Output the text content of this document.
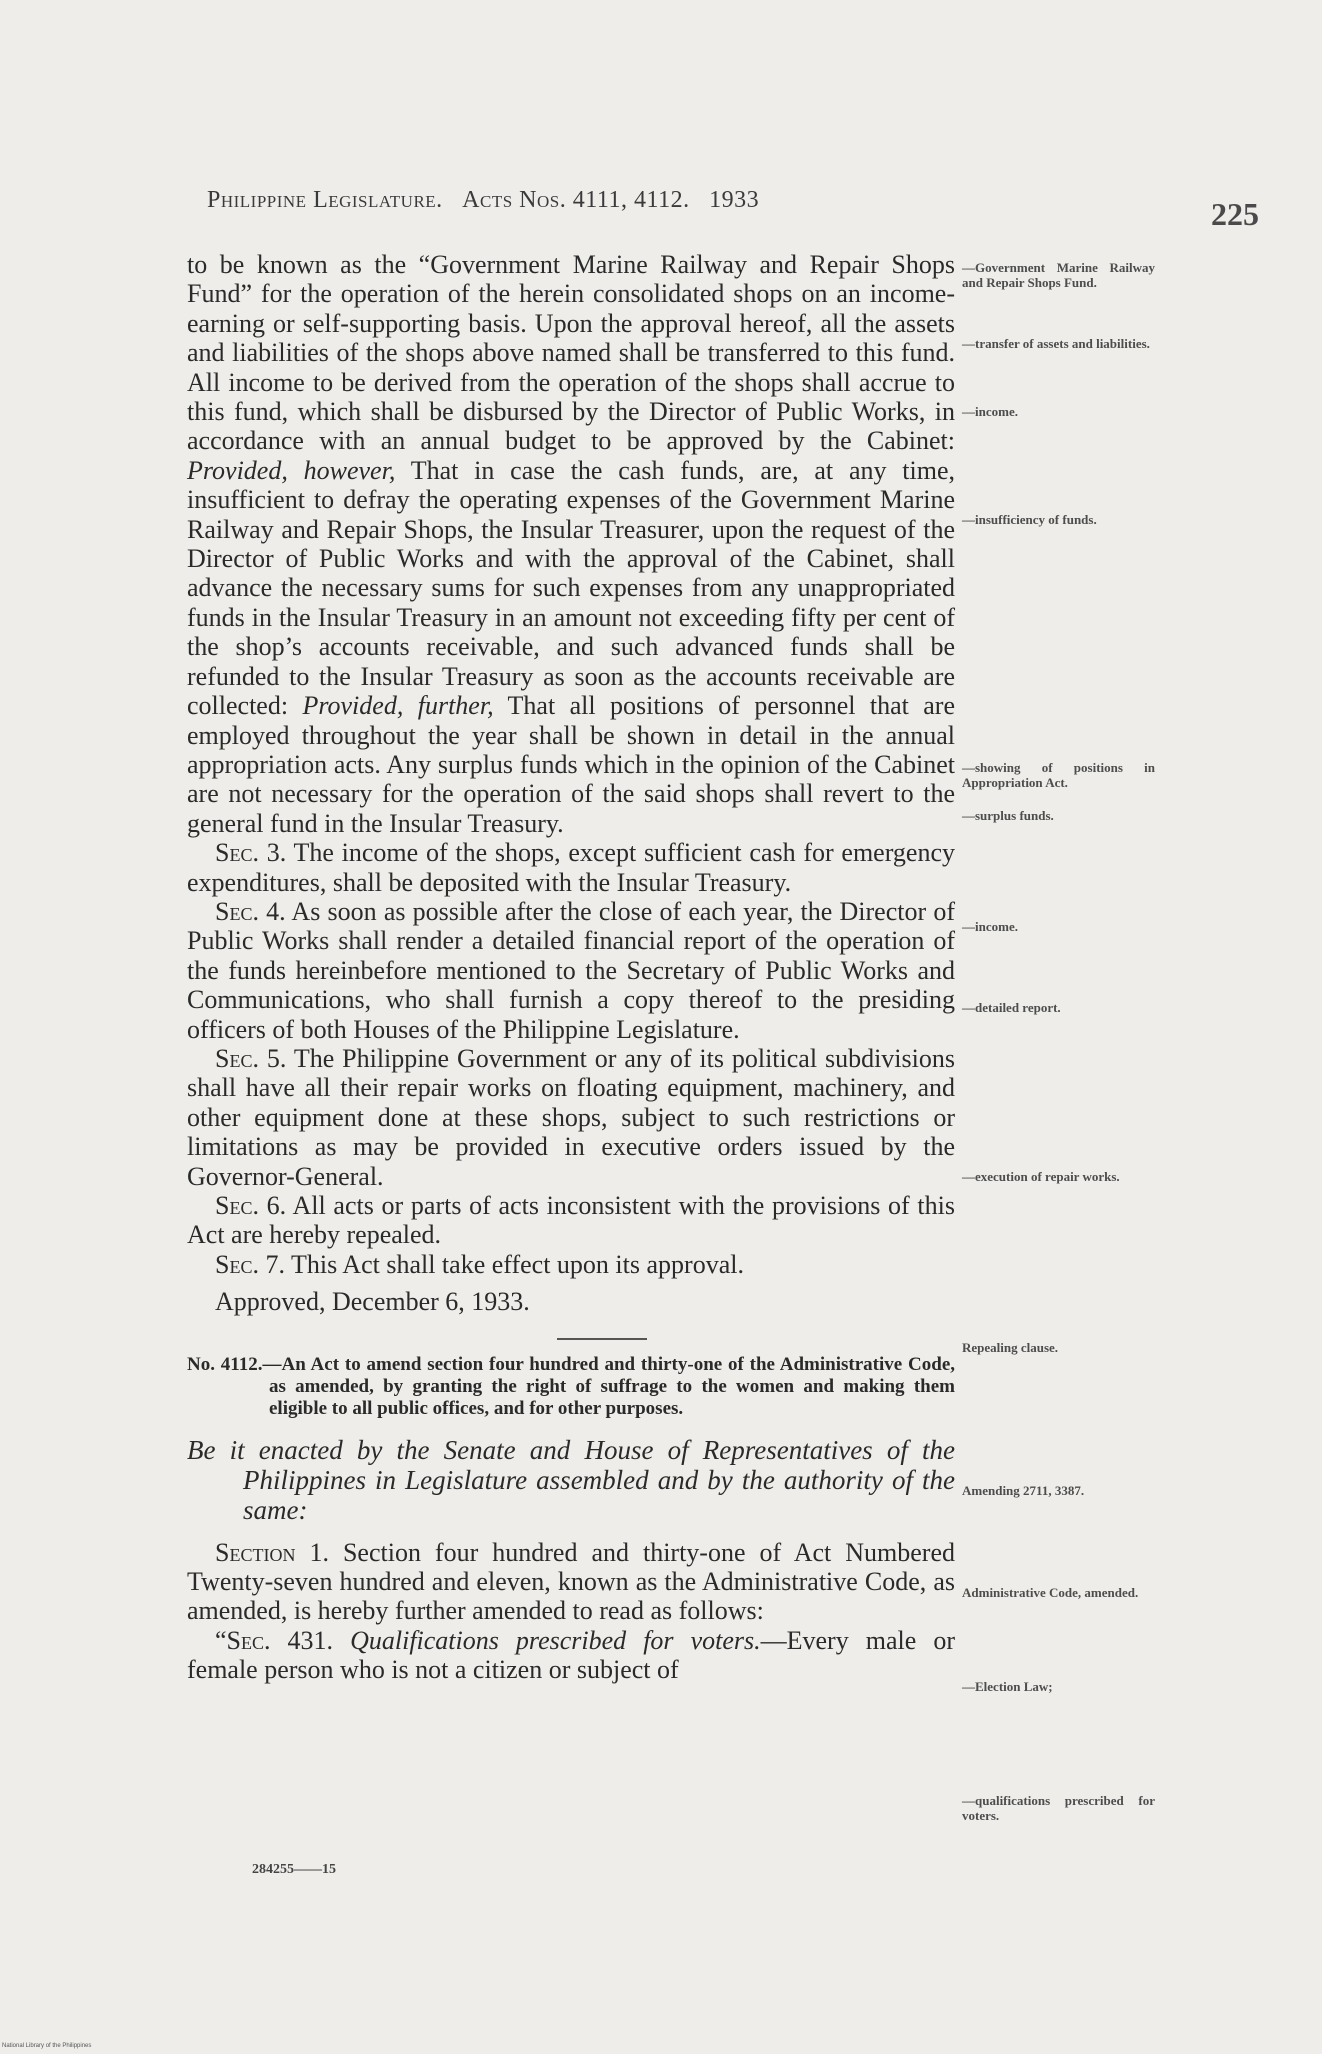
Philippine Legislature. Acts Nos. 4111, 4112. 1933	225

to be known as the “Government Marine Railway and Repair Shops Fund” for the operation of the herein consolidated shops on an income-earning or self-supporting basis. Upon the approval hereof, all the assets and liabilities of the shops above named shall be transferred to this fund. All income to be derived from the operation of the shops shall accrue to this fund, which shall be disbursed by the Director of Public Works, in accordance with an annual budget to be approved by the Cabinet: Provided, however, That in case the cash funds, are, at any time, insufficient to defray the operating expenses of the Government Marine Railway and Repair Shops, the Insular Treasurer, upon the request of the Director of Public Works and with the approval of the Cabinet, shall advance the necessary sums for such expenses from any unappropriated funds in the Insular Treasury in an amount not exceeding fifty per cent of the shop’s accounts receivable, and such advanced funds shall be refunded to the Insular Treasury as soon as the accounts receivable are collected: Provided, further, That all positions of personnel that are employed throughout the year shall be shown in detail in the annual appropriation acts. Any surplus funds which in the opinion of the Cabinet are not necessary for the operation of the said shops shall revert to the general fund in the Insular Treasury.

Sec. 3. The income of the shops, except sufficient cash for emergency expenditures, shall be deposited with the Insular Treasury.

Sec. 4. As soon as possible after the close of each year, the Director of Public Works shall render a detailed financial report of the operation of the funds hereinbefore mentioned to the Secretary of Public Works and Communications, who shall furnish a copy thereof to the presiding officers of both Houses of the Philippine Legislature.

Sec. 5. The Philippine Government or any of its political subdivisions shall have all their repair works on floating equipment, machinery, and other equipment done at these shops, subject to such restrictions or limitations as may be provided in executive orders issued by the Governor-General.

Sec. 6. All acts or parts of acts inconsistent with the provisions of this Act are hereby repealed.

Sec. 7. This Act shall take effect upon its approval.

Approved, December 6, 1933.

No. 4112.—An Act to amend section four hundred and thirty-one of the Administrative Code, as amended, by granting the right of suffrage to the women and making them eligible to all public offices, and for other purposes.

Be it enacted by the Senate and House of Representatives of the Philippines in Legislature assembled and by the authority of the same:

Section 1. Section four hundred and thirty-one of Act Numbered Twenty-seven hundred and eleven, known as the Administrative Code, as amended, is hereby further amended to read as follows:

“Sec. 431. Qualifications prescribed for voters.—Every male or female person who is not a citizen or subject of

—Government Marine Railway and Repair Shops Fund.
—transfer of assets and liabilities.
—income.
—insufficiency of funds.
—showing of positions in Appropriation Act.
—surplus funds.
—income.
—detailed report.
—execution of repair works.
Repealing clause.
Amending 2711, 3387.
Administrative Code, amended.
—Election Law;
—qualifications prescribed for voters.
284255——15
National Library of the Philippines
